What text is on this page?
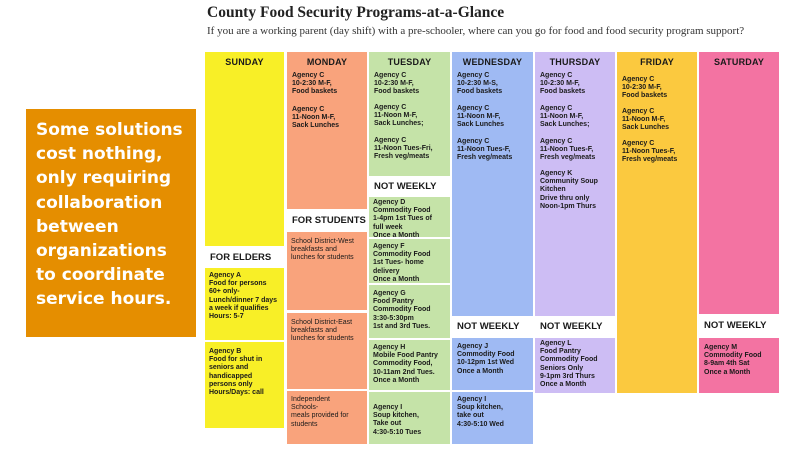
County Food Security Programs-at-a-Glance
If you are a working parent (day shift) with a pre-schooler, where can you go for food and food security program support?
Some solutions cost nothing, only requiring collaboration between organizations to coordinate service hours.
SUNDAY
FOR ELDERS
Agency A
Food for persons
60+ only-
Lunch/dinner 7 days
a week if qualifies
Hours: 5-7
Agency B
Food for shut in
seniors and
handicapped
persons only
Hours/Days: call
MONDAY
Agency C
10-2:30 M-F,
Food baskets
Agency C
11-Noon M-F,
Sack Lunches
FOR STUDENTS
School District-West
breakfasts and
lunches for students
School District-East
breakfasts and
lunches for students
Independent
Schools-
meals provided for
students
TUESDAY
Agency C
10-2:30 M-F,
Food baskets
Agency C
11-Noon M-F,
Sack Lunches;
Agency C
11-Noon Tues-Fri,
Fresh veg/meats
NOT WEEKLY
Agency D
Commodity Food
1-4pm 1st Tues of
full week
Once a Month
Agency F
Commodity Food
1st Tues- home
delivery
Once a Month
Agency G
Food Pantry
Commodity Food
3:30-5:30pm
1st and 3rd Tues.
Agency H
Mobile Food Pantry
Commodity Food,
10-11am 2nd Tues.
Once a Month
Agency I
Soup kitchen,
Take out
4:30-5:10 Tues
WEDNESDAY
Agency C
10-2:30 M-S,
Food baskets
Agency C
11-Noon M-F,
Sack Lunches
Agency C
11-Noon Tues-F,
Fresh veg/meats
NOT WEEKLY
Agency J
Commodity Food
10-12pm 1st Wed
Once a Month
Agency I
Soup kitchen,
take out
4:30-5:10 Wed
THURSDAY
Agency C
10-2:30 M-F,
Food baskets
Agency C
11-Noon M-F,
Sack Lunches;
Agency C
11-Noon Tues-F,
Fresh veg/meats
Agency K
Community Soup
Kitchen
Drive thru only
Noon-1pm Thurs
NOT WEEKLY
Agency L
Food Pantry
Commodity Food
Seniors Only
9-1pm 3rd Thurs
Once a Month
FRIDAY
Agency C
10-2:30 M-F,
Food baskets
Agency C
11-Noon M-F,
Sack Lunches
Agency C
11-Noon Tues-F,
Fresh veg/meats
SATURDAY
NOT WEEKLY
Agency M
Commodity Food
8-9am 4th Sat
Once a Month
